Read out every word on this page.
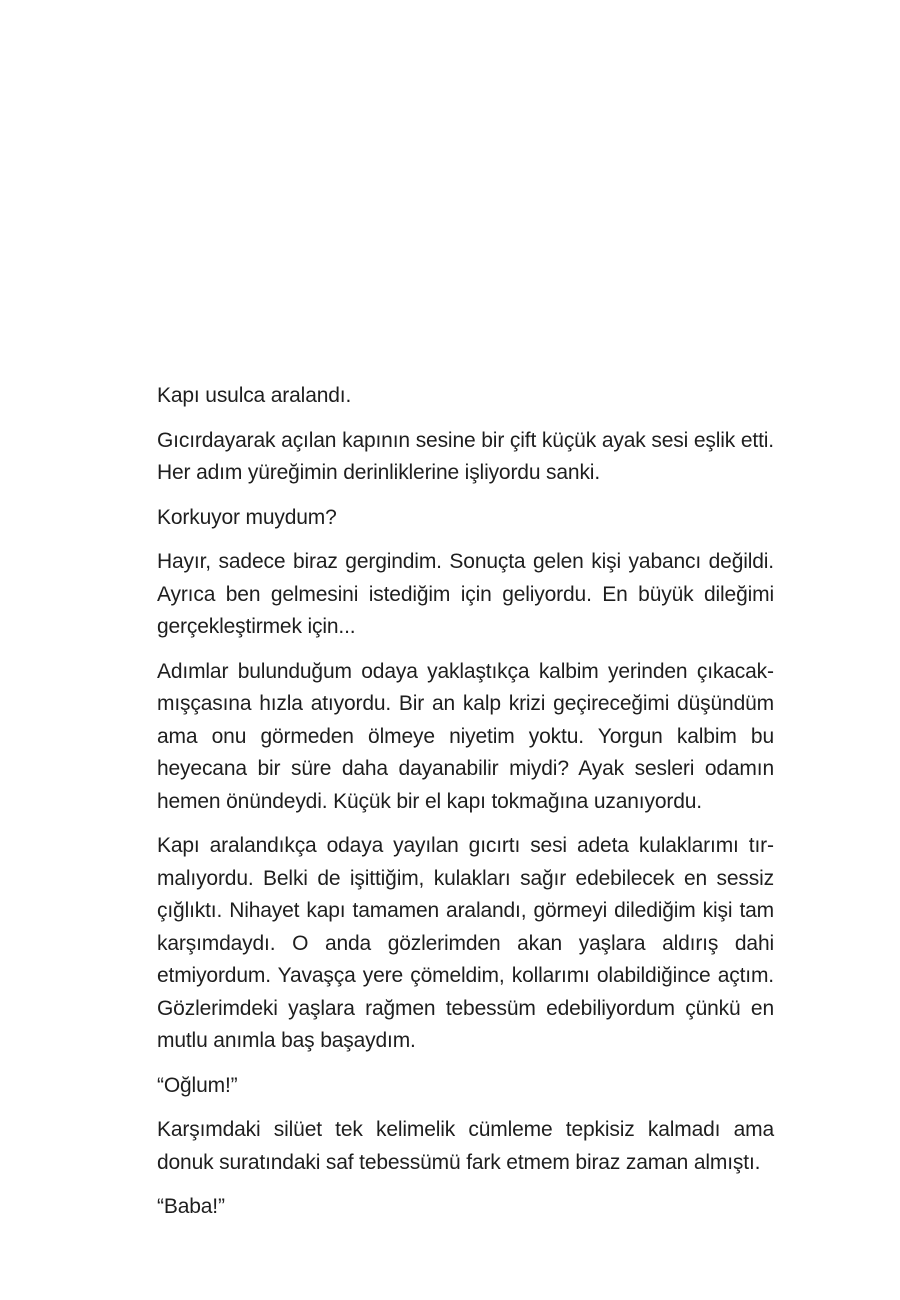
Kapı usulca aralandı.

Gıcırdayarak açılan kapının sesine bir çift küçük ayak sesi eşlik etti. Her adım yüreğimin derinliklerine işliyordu sanki.

Korkuyor muydum?

Hayır, sadece biraz gergindim. Sonuçta gelen kişi yabancı değildi. Ayrıca ben gelmesini istediğim için geliyordu. En büyük dileğimi gerçekleştirmek için...

Adımlar bulunduğum odaya yaklaştıkça kalbim yerinden çıkacakmışçasına hızla atıyordu. Bir an kalp krizi geçireceğimi düşündüm ama onu görmeden ölmeye niyetim yoktu. Yorgun kalbim bu heyecana bir süre daha dayanabilir miydi? Ayak sesleri odamın hemen önündeydi. Küçük bir el kapı tokmağına uzanıyordu.

Kapı aralandıkça odaya yayılan gıcırtı sesi adeta kulaklarımı tırmalıyordu. Belki de işittiğim, kulakları sağır edebilecek en sessiz çığlıktı. Nihayet kapı tamamen aralandı, görmeyi dilediğim kişi tam karşımdaydı. O anda gözlerimden akan yaşlara aldırış dahi etmiyordum. Yavaşça yere çömeldim, kollarımı olabildiğince açtım. Gözlerimdeki yaşlara rağmen tebessüm edebiliyordum çünkü en mutlu anımla baş başaydım.

“Oğlum!”

Karşımdaki silüet tek kelimelik cümleme tepkisiz kalmadı ama donuk suratındaki saf tebessümü fark etmem biraz zaman almıştı.

“Baba!”
